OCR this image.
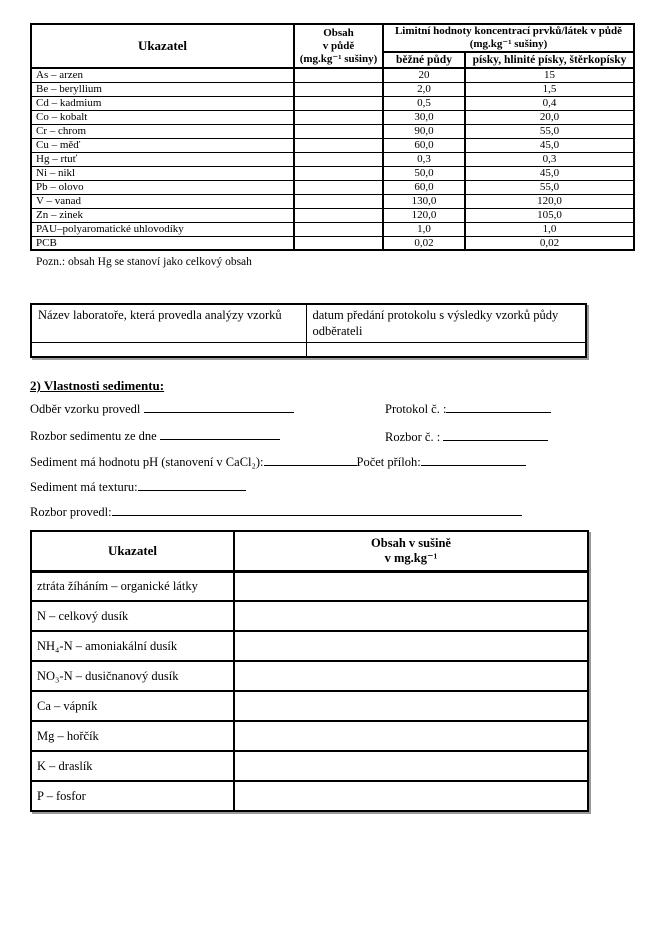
Ukazatel	
Obsah
v půdě
(mg.kg⁻¹ sušiny)

Limitní hodnoty koncentrací prvků/látek v půdě
(mg.kg⁻¹ sušiny)

		běžné půdy	písky, hlinité písky, štěrkopísky
As – arzen		20	15
Be – beryllium		2,0	1,5
Cd – kadmium		0,5	0,4
Co – kobalt		30,0	20,0
Cr – chrom		90,0	55,0
Cu – měď		60,0	45,0
Hg – rtuť		0,3	0,3
Ni – nikl		50,0	45,0
Pb – olovo		60,0	55,0
V – vanad		130,0	120,0
Zn – zinek		120,0	105,0
PAU–polyaromatické uhlovodíky		1,0	1,0
PCB		0,02	0,02
Pozn.: obsah Hg se stanoví jako celkový obsah
Název laboratoře, která provedla analýzy vzorků	datum předání protokolu s výsledky vzorků půdy odběrateli

2) Vlastnosti sedimentu:
Odběr vzorku provedl	Protokol č. :
Rozbor sedimentu ze dne	Rozbor č. :
Sediment má hodnotu pH (stanovení v CaCl₂):	Počet příloh:
Sediment má texturu:
Rozbor provedl:
Ukazatel	Obsah v sušině
v mg.kg⁻¹

ztráta žíháním – organické látky	
N – celkový dusík	
NH₄-N – amoniakální dusík	
NO₃-N – dusičnanový dusík	
Ca – vápník	
Mg – hořčík	
K – draslík	
P – fosfor	
